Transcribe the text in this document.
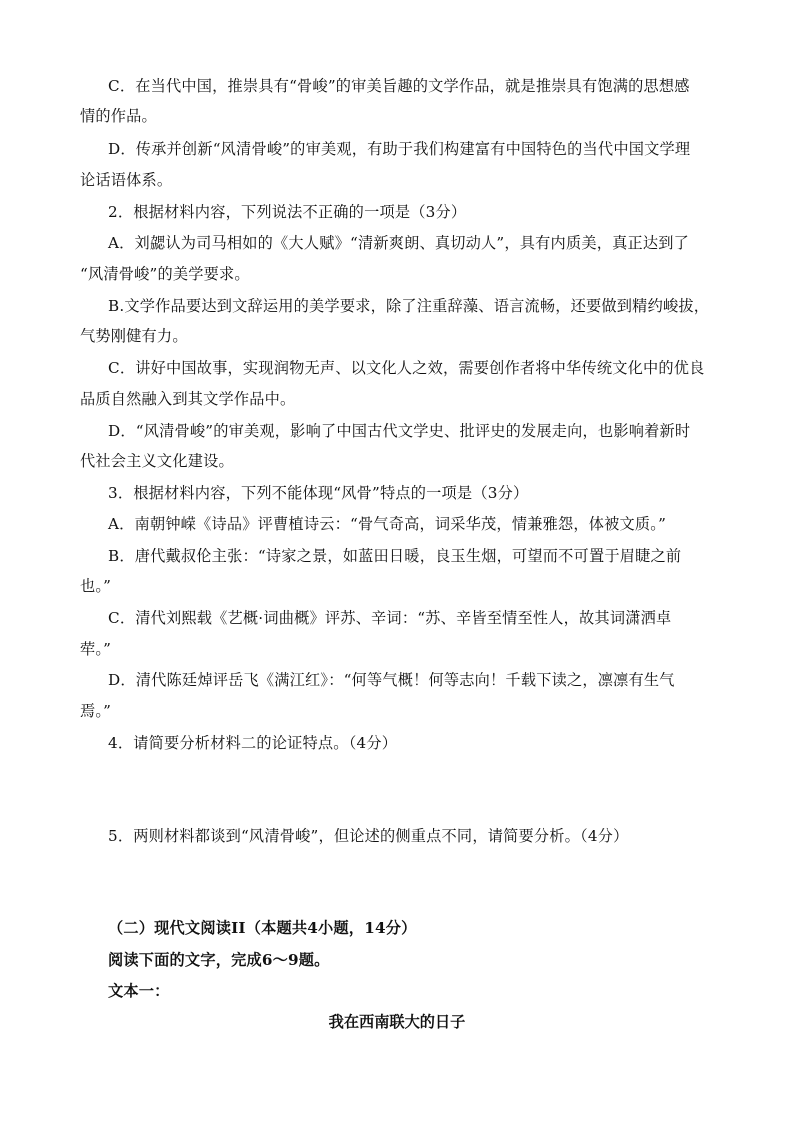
C．在当代中国，推崇具有“骨峻”的审美旨趣的文学作品，就是推崇具有饱满的思想感
情的作品。
D．传承并创新“风清骨峻”的审美观，有助于我们构建富有中国特色的当代中国文学理
论话语体系。
2．根据材料内容，下列说法不正确的一项是（3分）
A．刘勰认为司马相如的《大人赋》“清新爽朗、真切动人”，具有内质美，真正达到了
“风清骨峻”的美学要求。
B.文学作品要达到文辞运用的美学要求，除了注重辞藻、语言流畅，还要做到精约峻拔，
气势刚健有力。
C．讲好中国故事，实现润物无声、以文化人之效，需要创作者将中华传统文化中的优良
品质自然融入到其文学作品中。
D．“风清骨峻”的审美观，影响了中国古代文学史、批评史的发展走向，也影响着新时
代社会主义文化建设。
3．根据材料内容，下列不能体现“风骨”特点的一项是（3分）
A．南朝钟嵘《诗品》评曹植诗云：“骨气奇高，词采华茂，情兼雅怨，体被文质。”
B．唐代戴叔伦主张：“诗家之景，如蓝田日暖，良玉生烟，可望而不可置于眉睫之前
也。”
C．清代刘熙载《艺概·词曲概》评苏、辛词：“苏、辛皆至情至性人，故其词潇洒卓
荦。”
D．清代陈廷焯评岳飞《满江红》：“何等气概！何等志向！千载下读之，凛凛有生气
焉。”
4．请简要分析材料二的论证特点。（4分）
5．两则材料都谈到“风清骨峻”，但论述的侧重点不同，请简要分析。（4分）
（二）现代文阅读II（本题共4小题，14分）
阅读下面的文字，完成6～9题。
文本一：
我在西南联大的日子
